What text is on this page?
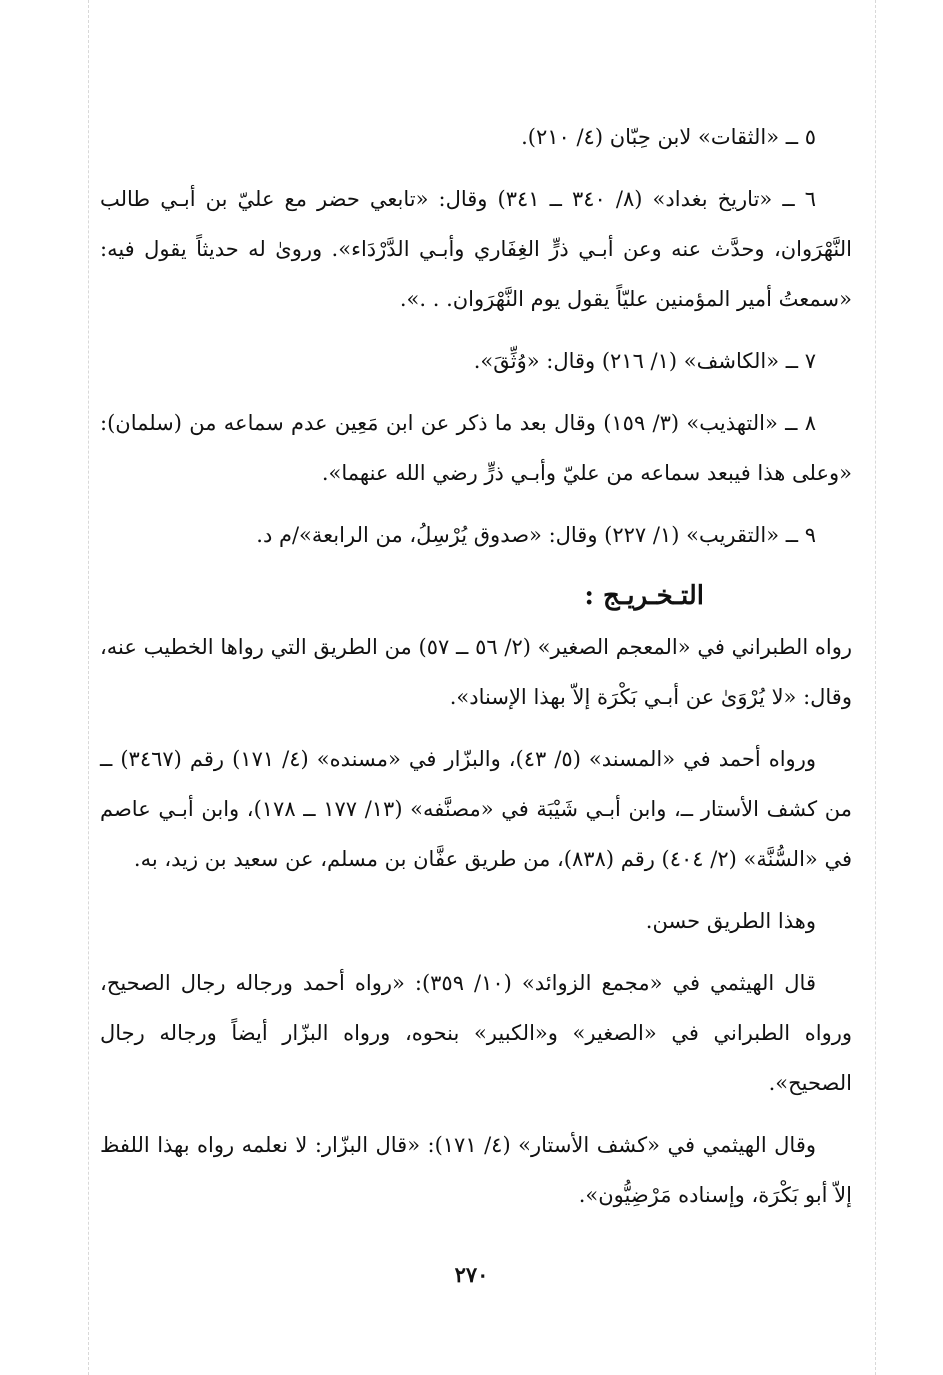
٥ ــ «الثقات» لابن حِبّان (٤/ ٢١٠).

٦ ــ «تاريخ بغداد» (٨/ ٣٤٠ ــ ٣٤١) وقال: «تابعي حضر مع عليّ بن أبـي طالب النَّهْرَوان، وحدَّث عنه وعن أبـي ذرٍّ الغِفَاري وأبـي الدَّرْدَاء». وروىٰ له حديثاً يقول فيه: «سمعتُ أمير المؤمنين عليّاً يقول يوم النَّهْرَوان. . .».

٧ ــ «الكاشف» (١/ ٢١٦) وقال: «وُثِّقَ».

٨ ــ «التهذيب» (٣/ ١٥٩) وقال بعد ما ذكر عن ابن مَعِين عدم سماعه من (سلمان): «وعلى هذا فيبعد سماعه من عليّ وأبـي ذرٍّ رضي الله عنهما».

٩ ــ «التقريب» (١/ ٢٢٧) وقال: «صدوق يُرْسِلُ، من الرابعة»/م د.

التـخـريـج :

رواه الطبراني في «المعجم الصغير» (٢/ ٥٦ ــ ٥٧) من الطريق التي رواها الخطيب عنه، وقال: «لا يُرْوَىٰ عن أبـي بَكْرَة إلاّ بهذا الإسناد».

ورواه أحمد في «المسند» (٥/ ٤٣)، والبزّار في «مسنده» (٤/ ١٧١) رقم (٣٤٦٧) ــ من كشف الأستار ــ، وابن أبـي شَيْبَة في «مصنَّفه» (١٣/ ١٧٧ ــ ١٧٨)، وابن أبـي عاصم في «السُّنَّة» (٢/ ٤٠٤) رقم (٨٣٨)، من طريق عفَّان بن مسلم، عن سعيد بن زيد، به.

وهذا الطريق حسن.

قال الهيثمي في «مجمع الزوائد» (١٠/ ٣٥٩): «رواه أحمد ورجاله رجال الصحيح، ورواه الطبراني في «الصغير» و«الكبير» بنحوه، ورواه البزّار أيضاً ورجاله رجال الصحيح».

وقال الهيثمي في «كشف الأستار» (٤/ ١٧١): «قال البزّار: لا نعلمه رواه بهذا اللفظ إلاّ أبو بَكْرَة، وإسناده مَرْضِيُّون».

٢٧٠
